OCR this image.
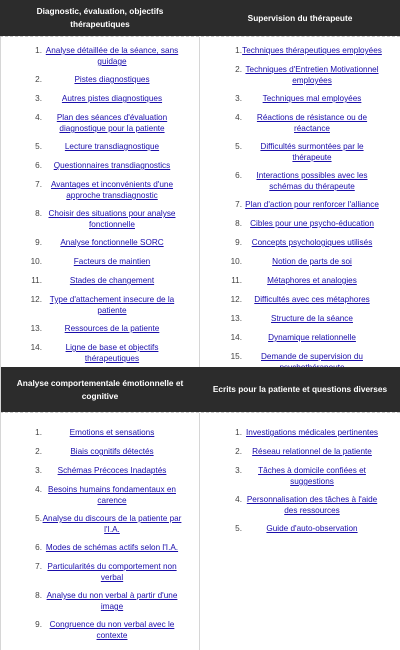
Diagnostic, évaluation, objectifs thérapeutiques
Supervision du thérapeute
1. Analyse détaillée de la séance, sans guidage
2.	Pistes diagnostiques
3.	Autres pistes diagnostiques
4.	Plan des séances d'évaluation diagnostique pour la patiente
5.	Lecture transdiagnostique
6.	Questionnaires transdiagnostics
7.	Avantages et inconvénients d'une approche transdiagnostic
8. Choisir des situations pour analyse fonctionnelle
9.	Analyse fonctionnelle SORC
10.	Facteurs de maintien
11.	Stades de changement
12. Type d'attachement insecure de la patiente
13.	Ressources de la patiente
14.	Ligne de base et objectifs thérapeutiques
1. Techniques thérapeutiques employées
2. Techniques d'Entretien Motivationnel employées
3.	Techniques mal employées
4.	Réactions de résistance ou de réactance
5.	Difficultés surmontées par le thérapeute
6.	Interactions possibles avec les schémas du thérapeute
7. Plan d'action pour renforcer l'alliance
8. Cibles pour une psycho-éducation
9.	Concepts psychologiques utilisés
10.	Notion de parts de soi
11.	Métaphores et analogies
12.	Difficultés avec ces métaphores
13.	Structure de la séance
14.	Dynamique relationnelle
15.	Demande de supervision du
Analyse comportementale émotionnelle et cognitive
Ecrits pour la patiente et questions diverses
1.	Emotions et sensations
2.	Biais cognitifs détectés
3.	Schémas Précoces Inadaptés
4. Besoins humains fondamentaux en carence
5. Analyse du discours de la patiente par l'I.A.
6. Modes de schémas actifs selon l'I.A.
7. Particularités du comportement non verbal
8. Analyse du non verbal à partir d'une image
9. Congruence du non verbal avec le contexte
1. Investigations médicales pertinentes
2.	Réseau relationnel de la patiente
3.	Tâches à domicile confiées et suggestions
4. Personnalisation des tâches à l'aide des ressources
5.	Guide d'auto-observation
